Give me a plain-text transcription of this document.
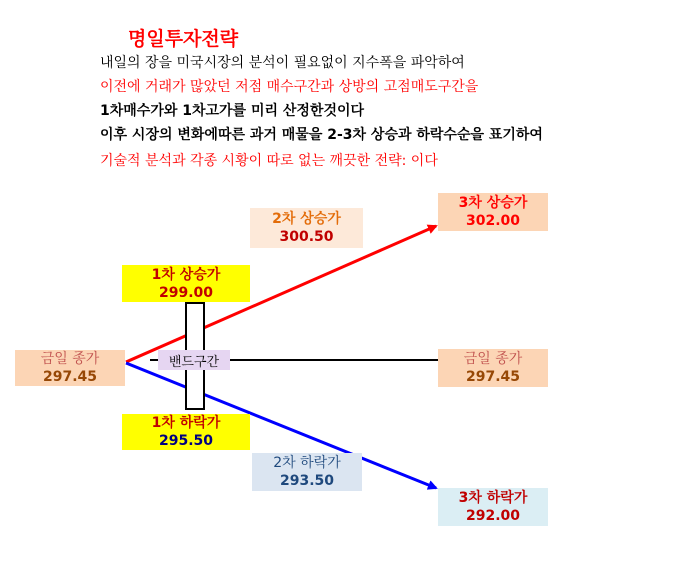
명일투자전략
내일의 장을 미국시장의 분석이 필요없이 지수폭을 파악하여
이전에 거래가 많았던 저점 매수구간과 상방의 고점매도구간을
1차매수가와 1차고가를 미리 산정한것이다
이후 시장의 변화에따른 과거 매물을 2-3차 상승과 하락수순을 표기하여
기술적 분석과 각종 시황이 따로 없는 깨끗한 전략: 이다
밴드구간
1차 상승가
299.00
2차 상승가
300.50
3차 상승가
302.00
금일 종가
297.45
금일 종가
297.45
1차 하락가
295.50
2차 하락가
293.50
3차 하락가
292.00
